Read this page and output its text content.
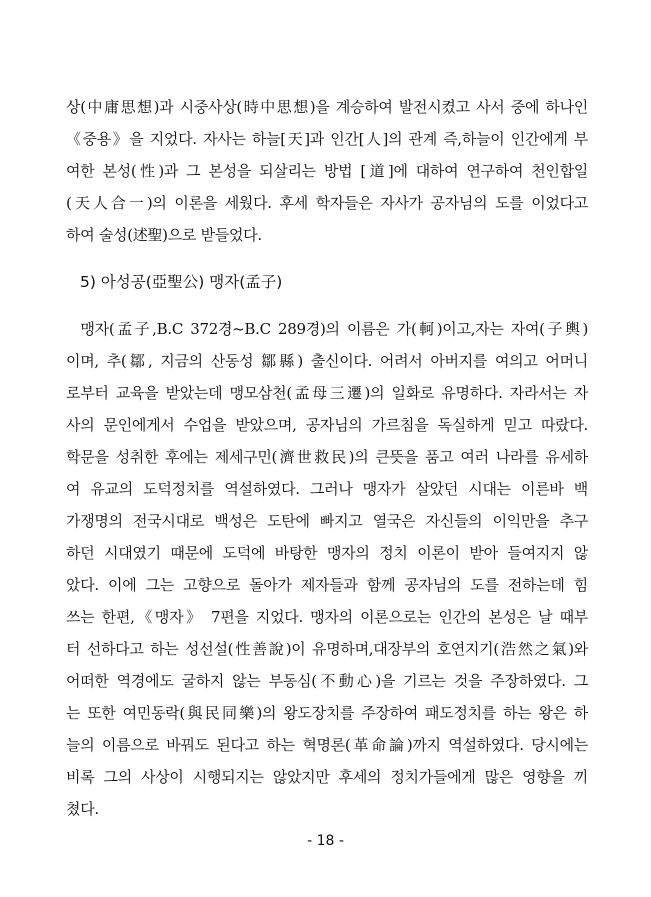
상(中庸思想)과 시중사상(時中思想)을 계승하여 발전시켰고 사서 중에 하나인
《중용》을 지었다. 자사는 하늘[天]과 인간[人]의 관계 즉,하늘이 인간에게 부
여한 본성(性)과 그 본성을 되살리는 방법 [道]에 대하여 연구하여 천인합일
(天人合一)의 이론을 세웠다. 후세 학자들은 자사가 공자님의 도를 이었다고
하여 술성(述聖)으로 받들었다.
5) 아성공(亞聖公) 맹자(孟子)
맹자(孟子,B.C 372경~B.C 289경)의 이름은 가(軻)이고,자는 자여(子輿)
이며, 추(鄒, 지금의 산동성 鄒縣) 출신이다. 어려서 아버지를 여의고 어머니
로부터 교육을 받았는데 맹모삼천(孟母三遷)의 일화로 유명하다. 자라서는 자
사의 문인에게서 수업을 받았으며, 공자님의 가르침을 독실하게 믿고 따랐다.
학문을 성취한 후에는 제세구민(濟世救民)의 큰뜻을 품고 여러 나라를 유세하
여 유교의 도덕정치를 역설하였다. 그러나 맹자가 살았던 시대는 이른바 백
가쟁명의 전국시대로 백성은 도탄에 빠지고 열국은 자신들의 이익만을 추구
하던 시대였기 때문에 도덕에 바탕한 맹자의 정치 이론이 받아 들여지지 않
았다. 이에 그는 고향으로 돌아가 제자들과 함께 공자님의 도를 전하는데 힘
쓰는 한편,《맹자》 7편을 지었다. 맹자의 이론으로는 인간의 본성은 날 때부
터 선하다고 하는 성선설(性善說)이 유명하며,대장부의 호연지기(浩然之氣)와
어떠한 역경에도 굴하지 않는 부동심(不動心)을 기르는 것을 주장하였다. 그
는 또한 여민동락(與民同樂)의 왕도장치를 주장하여 패도정치를 하는 왕은 하
늘의 이름으로 바꿔도 된다고 하는 혁명론(革命論)까지 역설하였다. 당시에는
비록 그의 사상이 시행되지는 않았지만 후세의 정치가들에게 많은 영향을 끼
쳤다.
- 18 -
